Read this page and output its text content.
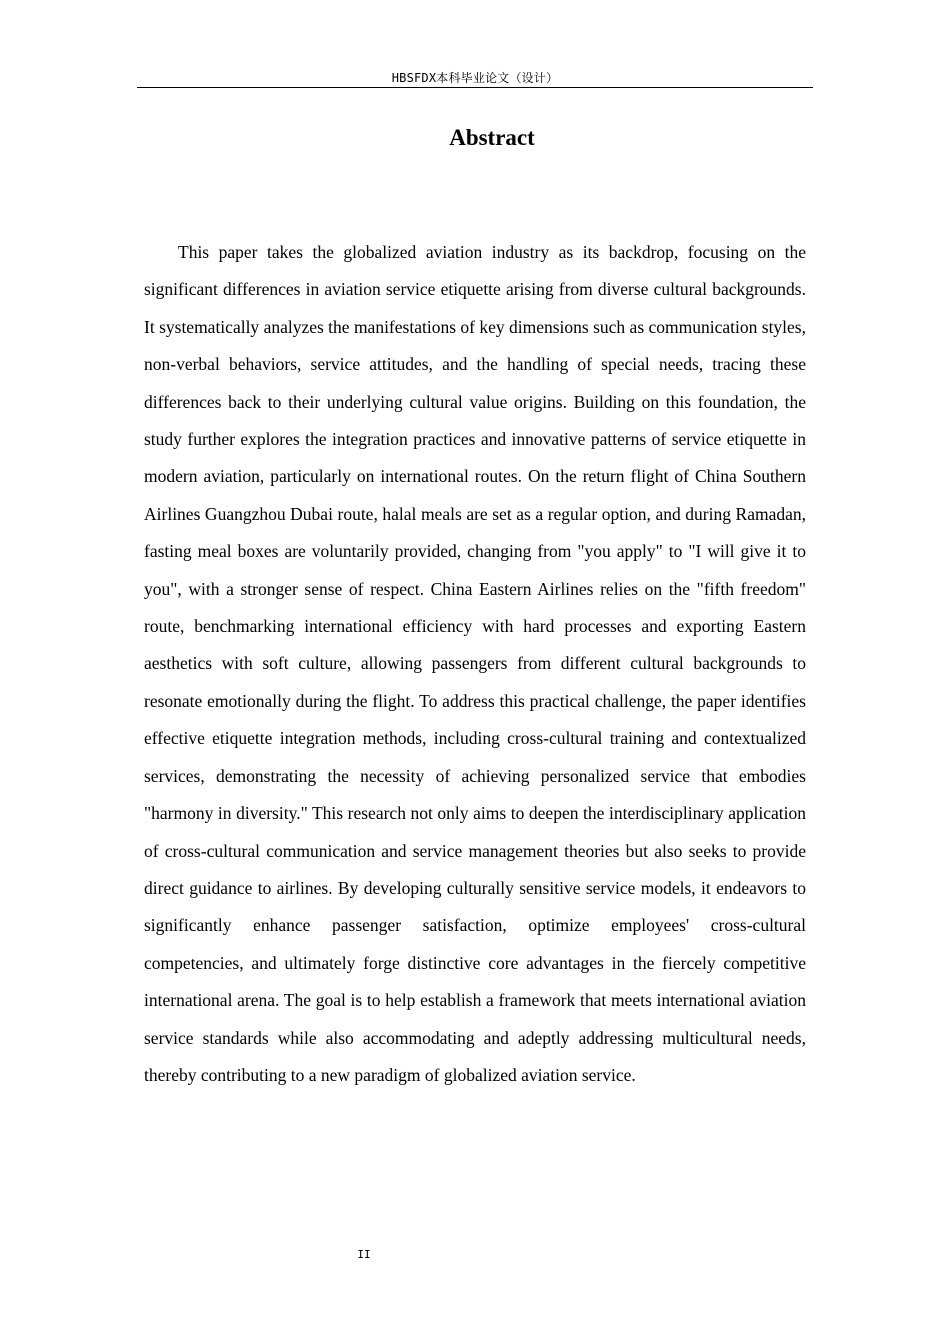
HBSFDX本科毕业论文（设计）
Abstract

This paper takes the globalized aviation industry as its backdrop, focusing on the significant differences in aviation service etiquette arising from diverse cultural backgrounds. It systematically analyzes the manifestations of key dimensions such as communication styles, non-verbal behaviors, service attitudes, and the handling of special needs, tracing these differences back to their underlying cultural value origins. Building on this foundation, the study further explores the integration practices and innovative patterns of service etiquette in modern aviation, particularly on international routes. On the return flight of China Southern Airlines Guangzhou Dubai route, halal meals are set as a regular option, and during Ramadan, fasting meal boxes are voluntarily provided, changing from "you apply" to "I will give it to you", with a stronger sense of respect. China Eastern Airlines relies on the "fifth freedom" route, benchmarking international efficiency with hard processes and exporting Eastern aesthetics with soft culture, allowing passengers from different cultural backgrounds to resonate emotionally during the flight. To address this practical challenge, the paper identifies effective etiquette integration methods, including cross-cultural training and contextualized services, demonstrating the necessity of achieving personalized service that embodies "harmony in diversity." This research not only aims to deepen the interdisciplinary application of cross-cultural communication and service management theories but also seeks to provide direct guidance to airlines. By developing culturally sensitive service models, it endeavors to significantly enhance passenger satisfaction, optimize employees' cross-cultural competencies, and ultimately forge distinctive core advantages in the fiercely competitive international arena. The goal is to help establish a framework that meets international aviation service standards while also accommodating and adeptly addressing multicultural needs, thereby contributing to a new paradigm of globalized aviation service.

II
